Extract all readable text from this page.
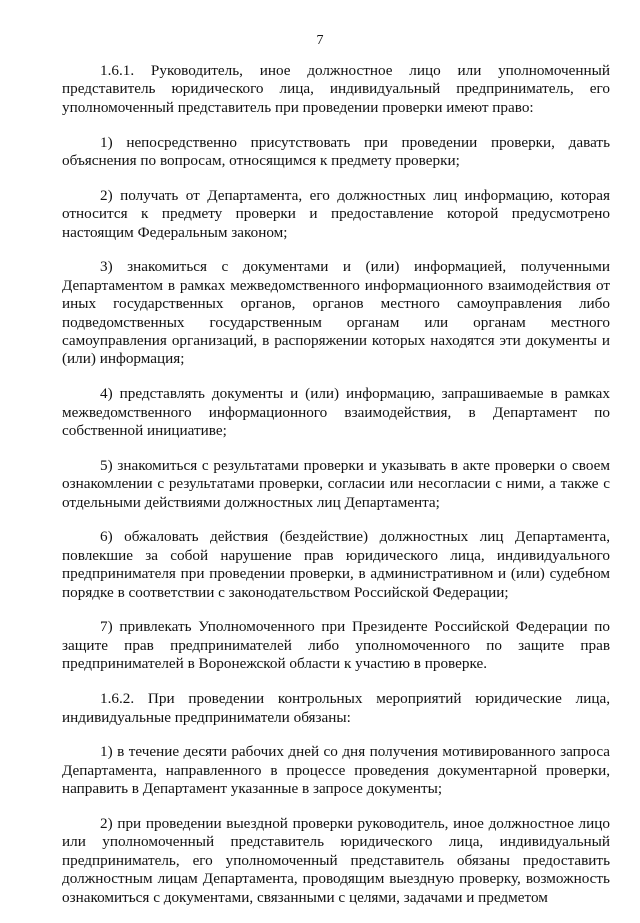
7

1.6.1. Руководитель, иное должностное лицо или уполномоченный представитель юридического лица, индивидуальный предприниматель, его уполномоченный представитель при проведении проверки имеют право:

1) непосредственно присутствовать при проведении проверки, давать объяснения по вопросам, относящимся к предмету проверки;

2) получать от Департамента, его должностных лиц информацию, которая относится к предмету проверки и предоставление которой предусмотрено настоящим Федеральным законом;

3) знакомиться с документами и (или) информацией, полученными Департаментом в рамках межведомственного информационного взаимодействия от иных государственных органов, органов местного самоуправления либо подведомственных государственным органам или органам местного самоуправления организаций, в распоряжении которых находятся эти документы и (или) информация;

4) представлять документы и (или) информацию, запрашиваемые в рамках межведомственного информационного взаимодействия, в Департамент по собственной инициативе;

5) знакомиться с результатами проверки и указывать в акте проверки о своем ознакомлении с результатами проверки, согласии или несогласии с ними, а также с отдельными действиями должностных лиц Департамента;

6) обжаловать действия (бездействие) должностных лиц Департамента, повлекшие за собой нарушение прав юридического лица, индивидуального предпринимателя при проведении проверки, в административном и (или) судебном порядке в соответствии с законодательством Российской Федерации;

7) привлекать Уполномоченного при Президенте Российской Федерации по защите прав предпринимателей либо уполномоченного по защите прав предпринимателей в Воронежской области к участию в проверке.

1.6.2. При проведении контрольных мероприятий юридические лица, индивидуальные предприниматели обязаны:

1) в течение десяти рабочих дней со дня получения мотивированного запроса Департамента, направленного в процессе проведения документарной проверки, направить в Департамент указанные в запросе документы;

2) при проведении выездной проверки руководитель, иное должностное лицо или уполномоченный представитель юридического лица, индивидуальный предприниматель, его уполномоченный представитель обязаны предоставить должностным лицам Департамента, проводящим выездную проверку, возможность ознакомиться с документами, связанными с целями, задачами и предметом
